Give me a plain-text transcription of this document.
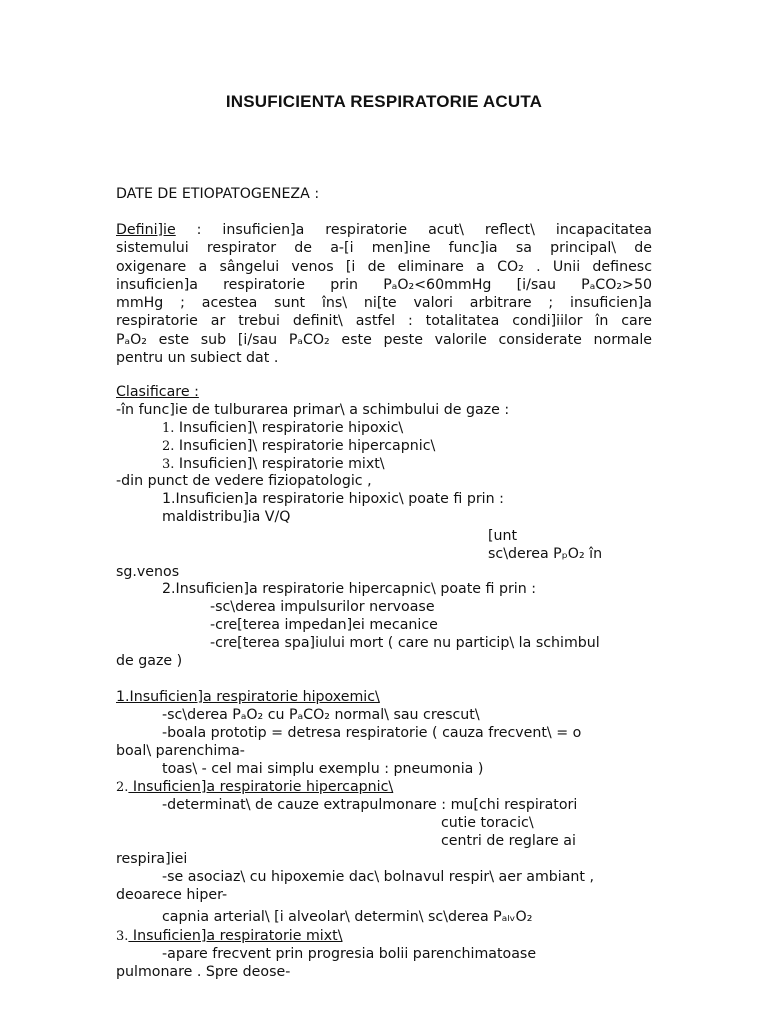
INSUFICIENTA RESPIRATORIE ACUTA
DATE DE ETIOPATOGENEZA :
Defini]ie : insuficien]a respiratorie acut\ reflect\ incapacitatea
sistemului respirator de a-[i men]ine func]ia sa principal\ de
oxigenare a sângelui venos [i de eliminare a CO₂ . Unii definesc
insuficien]a respiratorie prin PₐO₂<60mmHg [i/sau PₐCO₂>50
mmHg ; acestea sunt îns\ ni[te valori arbitrare ; insuficien]a
respiratorie ar trebui definit\ astfel : totalitatea condi]iilor în care
PₐO₂ este sub [i/sau PₐCO₂ este peste valorile considerate normale
pentru un subiect dat .
Clasificare :
-în func]ie de tulburarea primar\ a schimbului de gaze :
1. Insuficien]\ respiratorie hipoxic\
2. Insuficien]\ respiratorie hipercapnic\
3. Insuficien]\ respiratorie mixt\
-din punct de vedere fiziopatologic ,
1.Insuficien]a respiratorie hipoxic\ poate fi prin :
maldistribu]ia V/Q
[unt
sc\derea PₚO₂ în
sg.venos
2.Insuficien]a respiratorie hipercapnic\ poate fi prin :
-sc\derea impulsurilor nervoase
-cre[terea impedan]ei mecanice
-cre[terea spa]iului mort ( care nu particip\ la schimbul
de gaze )
1.Insuficien]a respiratorie hipoxemic\
-sc\derea PₐO₂ cu PₐCO₂ normal\ sau crescut\
-boala prototip = detresa respiratorie ( cauza frecvent\ = o
boal\ parenchima-
toas\ - cel mai simplu exemplu : pneumonia )
2. Insuficien]a respiratorie hipercapnic\
-determinat\ de cauze extrapulmonare : mu[chi respiratori
cutie toracic\
centri de reglare ai
respira]iei
-se asociaz\ cu hipoxemie dac\ bolnavul respir\ aer ambiant ,
deoarece hiper-
capnia arterial\ [i alveolar\ determin\ sc\derea PₐₗᵥO₂
3. Insuficien]a respiratorie mixt\
-apare frecvent prin progresia bolii parenchimatoase
pulmonare . Spre deose-
